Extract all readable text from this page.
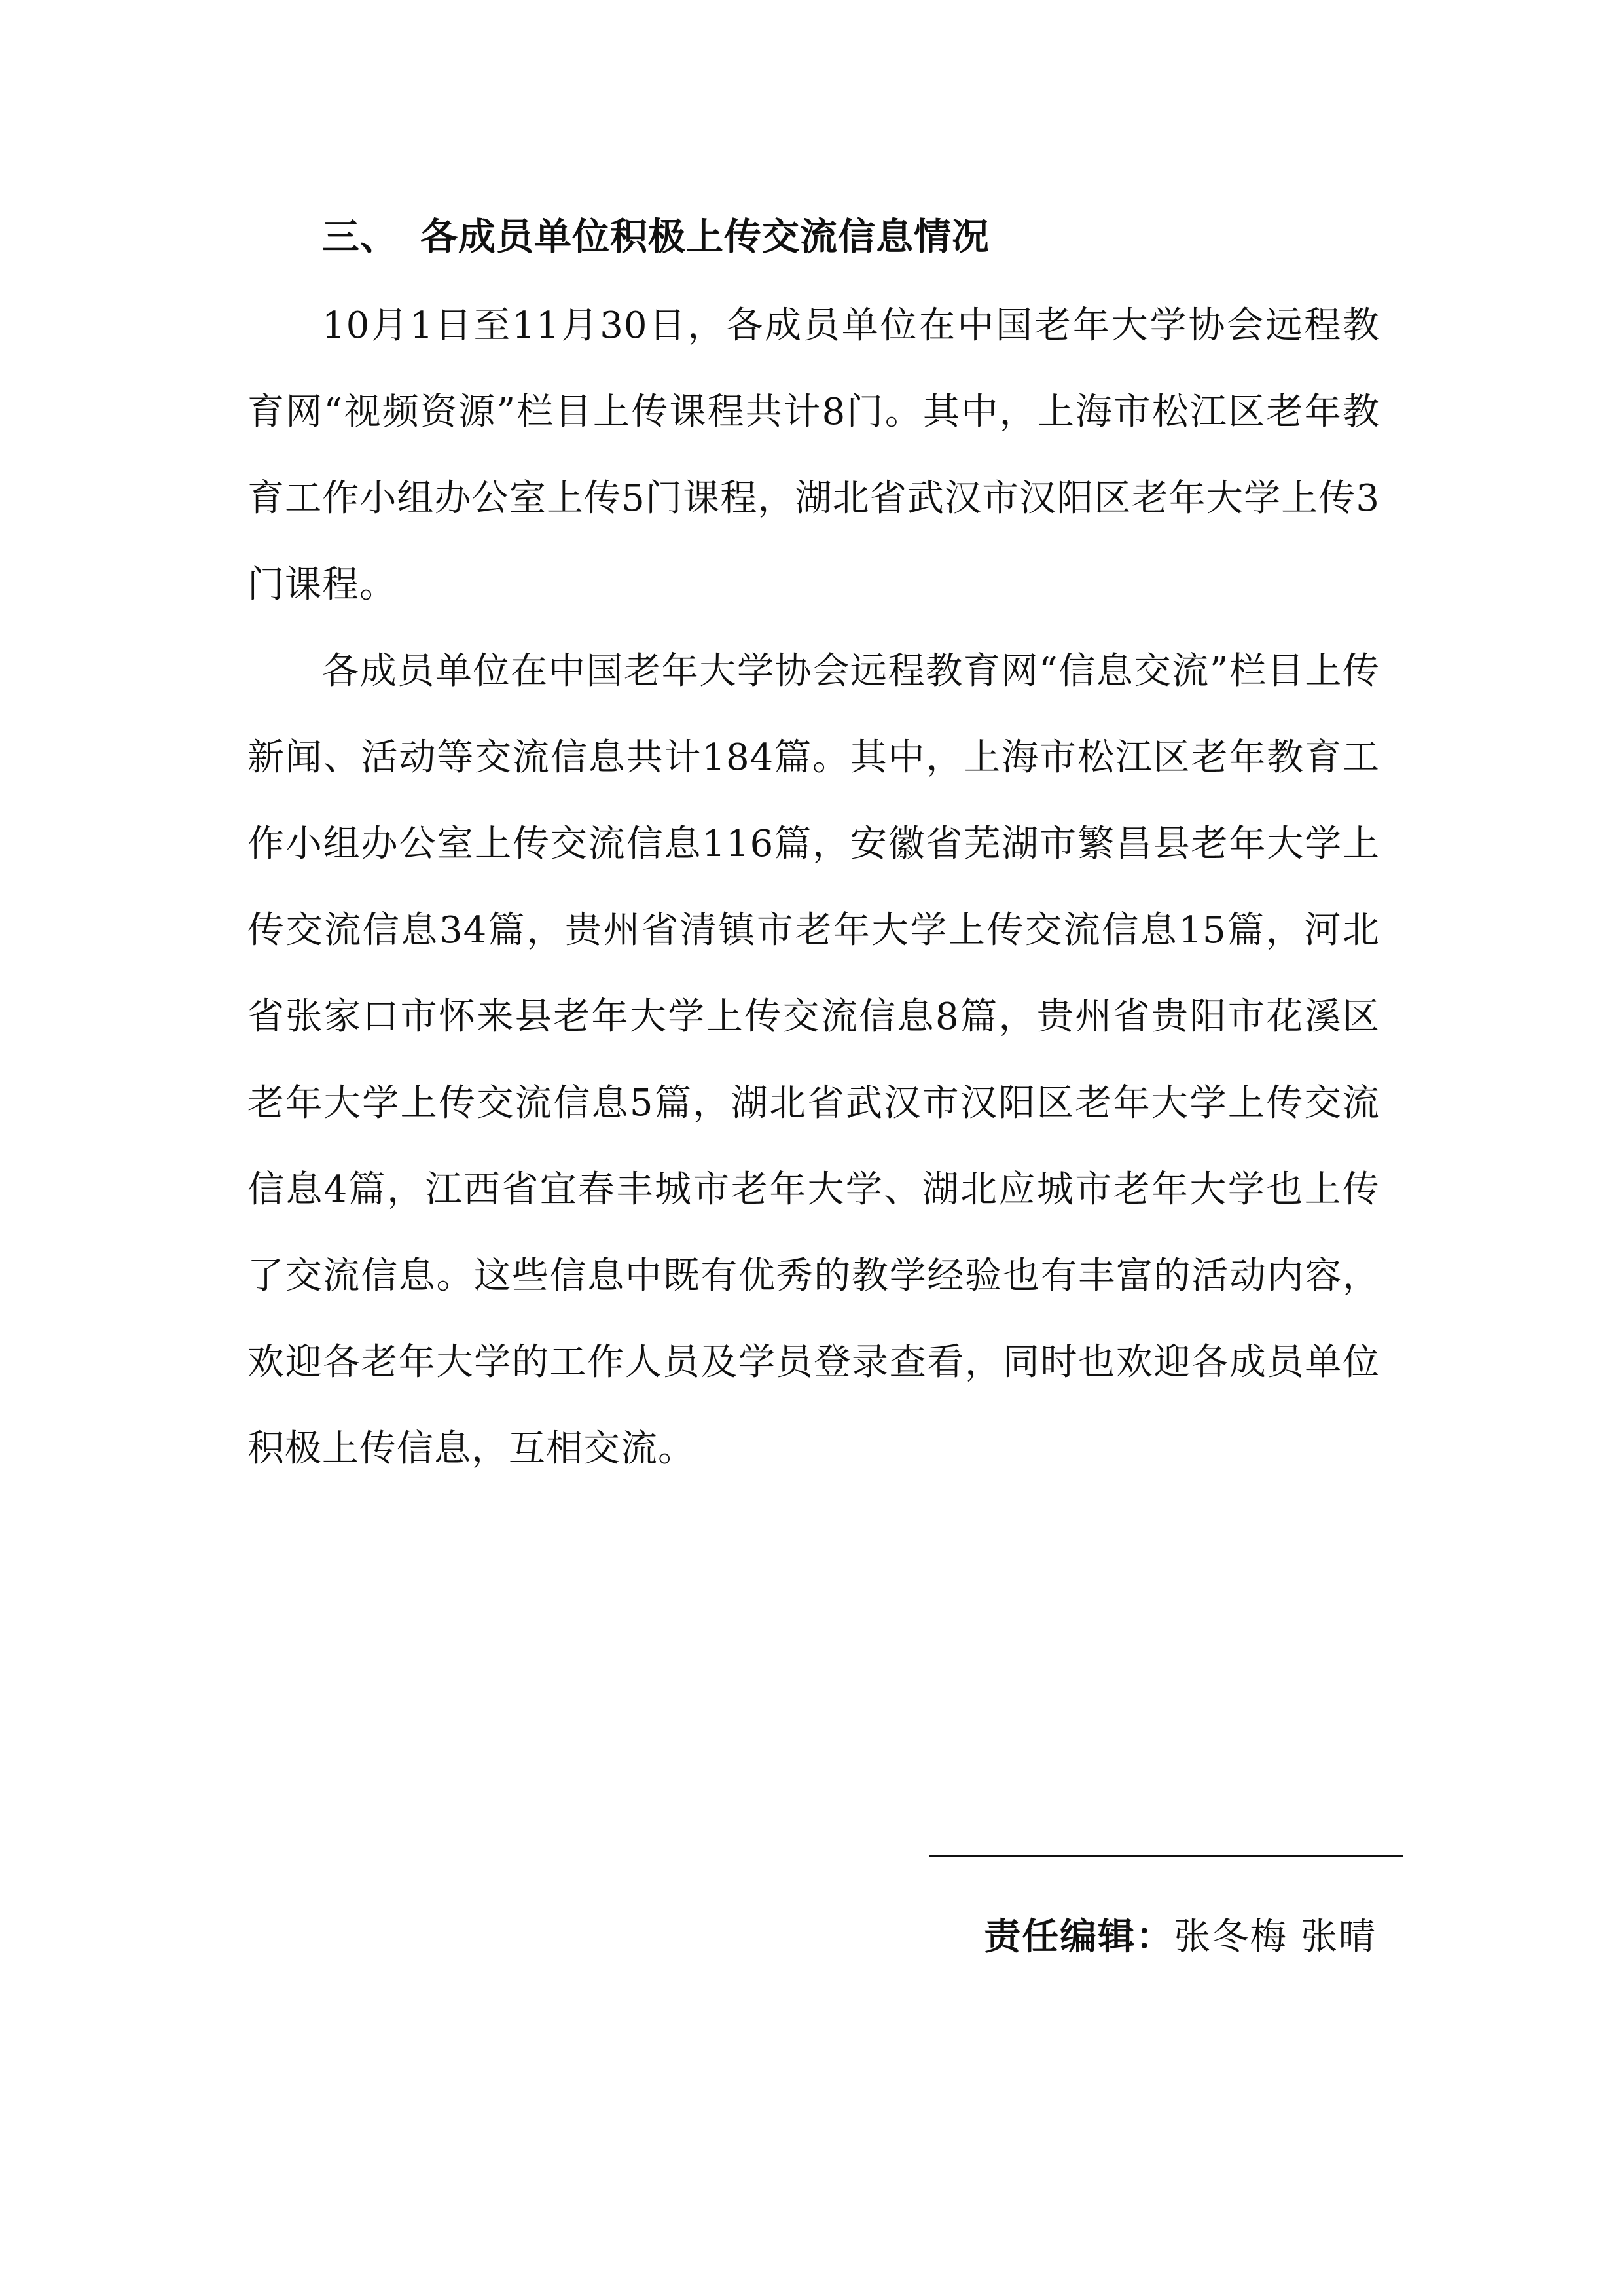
三、 各成员单位积极上传交流信息情况

10月1日至11月30日，各成员单位在中国老年大学协会远程教育网“视频资源”栏目上传课程共计8门。其中，上海市松江区老年教育工作小组办公室上传5门课程，湖北省武汉市汉阳区老年大学上传3门课程。

各成员单位在中国老年大学协会远程教育网“信息交流”栏目上传新闻、活动等交流信息共计184篇。其中，上海市松江区老年教育工作小组办公室上传交流信息116篇，安徽省芜湖市繁昌县老年大学上传交流信息34篇，贵州省清镇市老年大学上传交流信息15篇，河北省张家口市怀来县老年大学上传交流信息8篇，贵州省贵阳市花溪区老年大学上传交流信息5篇，湖北省武汉市汉阳区老年大学上传交流信息4篇，江西省宜春丰城市老年大学、湖北应城市老年大学也上传了交流信息。这些信息中既有优秀的教学经验也有丰富的活动内容，欢迎各老年大学的工作人员及学员登录查看，同时也欢迎各成员单位积极上传信息，互相交流。

责任编辑：张冬梅 张晴
